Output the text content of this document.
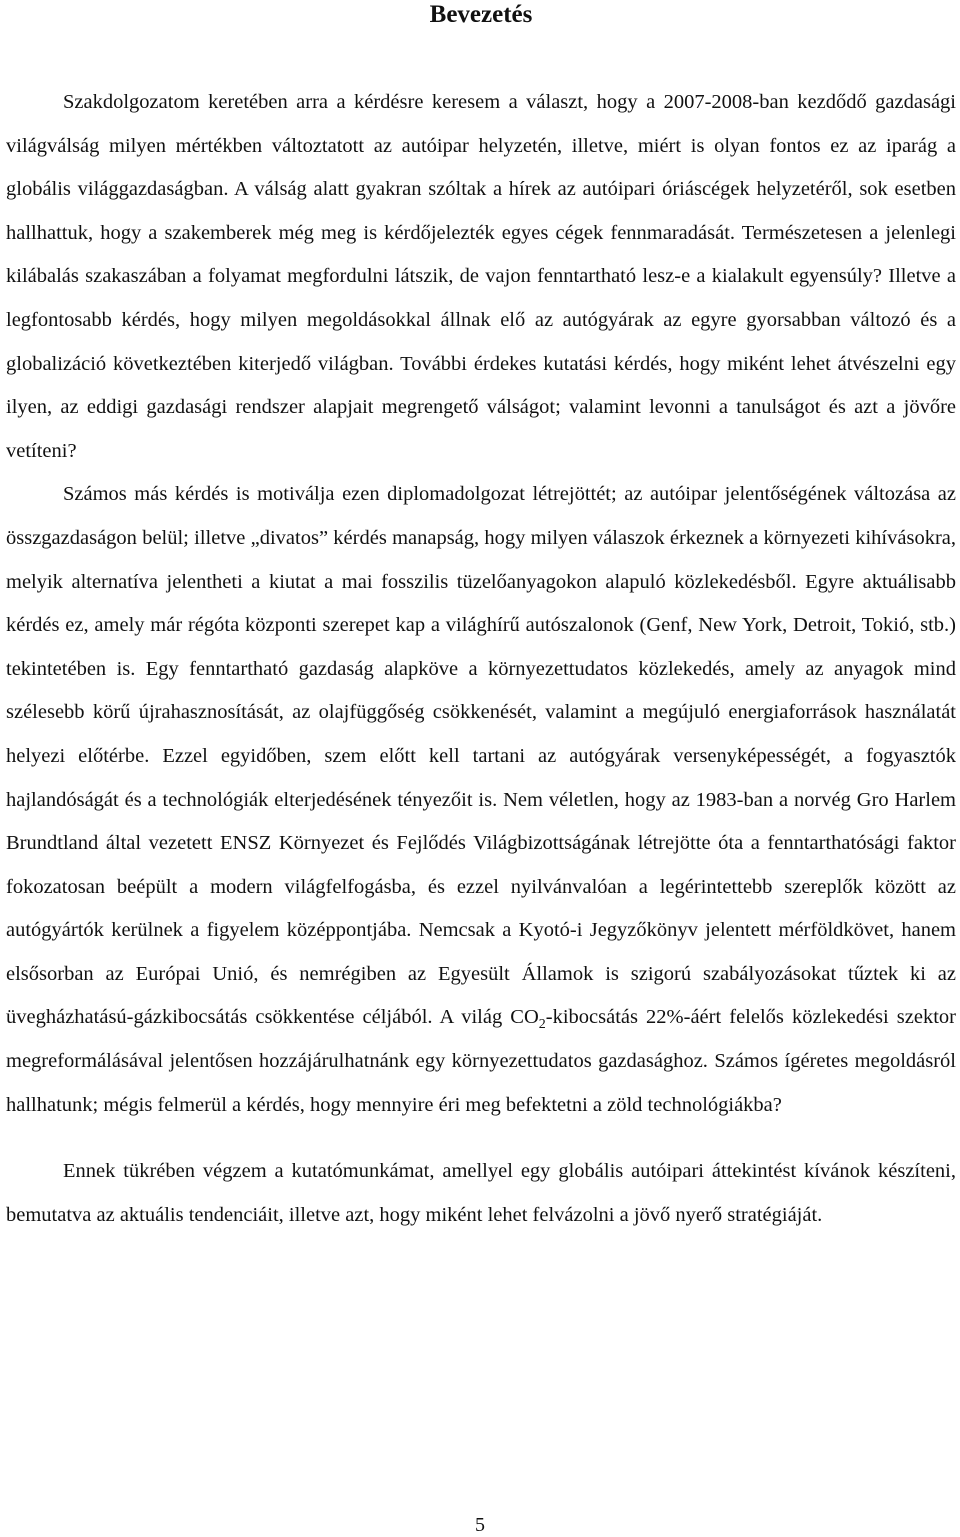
Bevezetés

Szakdolgozatom keretében arra a kérdésre keresem a választ, hogy a 2007-2008-ban kezdődő gazdasági világválság milyen mértékben változtatott az autóipar helyzetén, illetve, miért is olyan fontos ez az iparág a globális világgazdaságban. A válság alatt gyakran szóltak a hírek az autóipari óriáscégek helyzetéről, sok esetben hallhattuk, hogy a szakemberek még meg is kérdőjelezték egyes cégek fennmaradását. Természetesen a jelenlegi kilábalás szakaszában a folyamat megfordulni látszik, de vajon fenntartható lesz-e a kialakult egyensúly? Illetve a legfontosabb kérdés, hogy milyen megoldásokkal állnak elő az autógyárak az egyre gyorsabban változó és a globalizáció következtében kiterjedő világban. További érdekes kutatási kérdés, hogy miként lehet átvészelni egy ilyen, az eddigi gazdasági rendszer alapjait megrengető válságot; valamint levonni a tanulságot és azt a jövőre vetíteni?

Számos más kérdés is motiválja ezen diplomadolgozat létrejöttét; az autóipar jelentőségének változása az összgazdaságon belül; illetve „divatos” kérdés manapság, hogy milyen válaszok érkeznek a környezeti kihívásokra, melyik alternatíva jelentheti a kiutat a mai fosszilis tüzelőanyagokon alapuló közlekedésből. Egyre aktuálisabb kérdés ez, amely már régóta központi szerepet kap a világhírű autószalonok (Genf, New York, Detroit, Tokió, stb.) tekintetében is. Egy fenntartható gazdaság alapköve a környezettudatos közlekedés, amely az anyagok mind szélesebb körű újrahasznosítását, az olajfüggőség csökkenését, valamint a megújuló energiaforrások használatát helyezi előtérbe. Ezzel egyidőben, szem előtt kell tartani az autógyárak versenyképességét, a fogyasztók hajlandóságát és a technológiák elterjedésének tényezőit is. Nem véletlen, hogy az 1983-ban a norvég Gro Harlem Brundtland által vezetett ENSZ Környezet és Fejlődés Világbizottságának létrejötte óta a fenntarthatósági faktor fokozatosan beépült a modern világfelfogásba, és ezzel nyilvánvalóan a legérintettebb szereplők között az autógyártók kerülnek a figyelem középpontjába. Nemcsak a Kyotó-i Jegyzőkönyv jelentett mérföldkövet, hanem elsősorban az Európai Unió, és nemrégiben az Egyesült Államok is szigorú szabályozásokat tűztek ki az üvegházhatású-gázkibocsátás csökkentése céljából. A világ $CO_2$-kibocsátás 22%-áért felelős közlekedési szektor megreformálásával jelentősen hozzájárulhatnánk egy környezettudatos gazdasághoz. Számos ígéretes megoldásról hallhatunk; mégis felmerül a kérdés, hogy mennyire éri meg befektetni a zöld technológiákba?

Ennek tükrében végzem a kutatómunkámat, amellyel egy globális autóipari áttekintést kívánok készíteni, bemutatva az aktuális tendenciáit, illetve azt, hogy miként lehet felvázolni a jövő nyerő stratégiáját.

5
